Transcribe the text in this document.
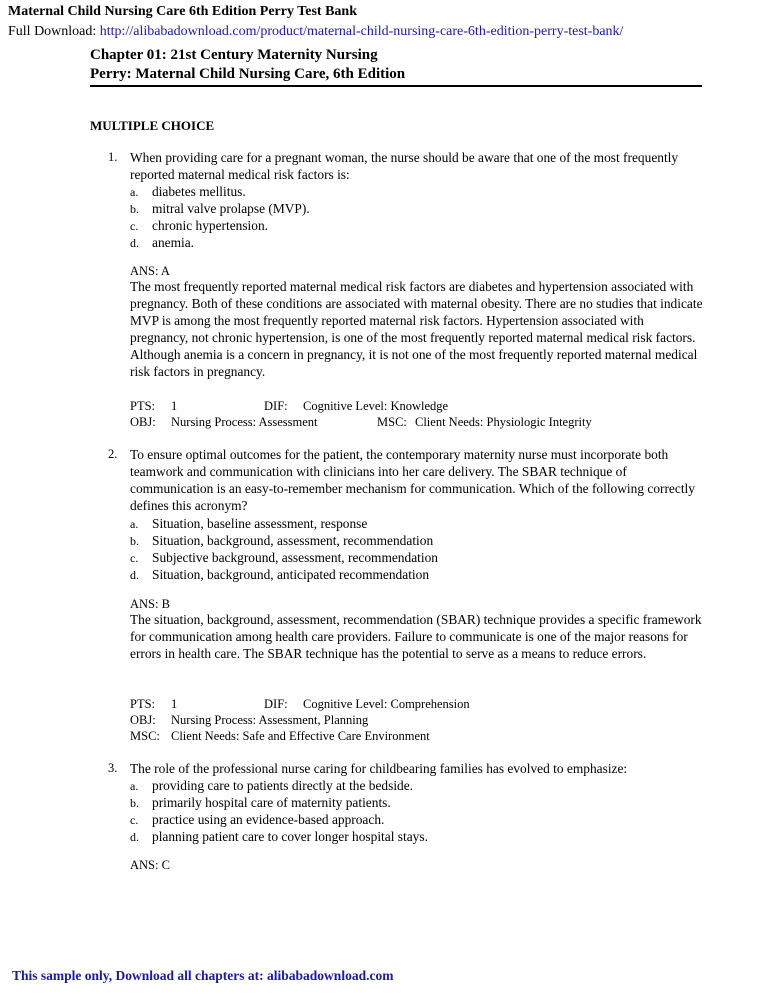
Maternal Child Nursing Care 6th Edition Perry Test Bank
Full Download: http://alibabadownload.com/product/maternal-child-nursing-care-6th-edition-perry-test-bank/
Chapter 01: 21st Century Maternity Nursing
Perry: Maternal Child Nursing Care, 6th Edition
MULTIPLE CHOICE
1. When providing care for a pregnant woman, the nurse should be aware that one of the most frequently reported maternal medical risk factors is:
a. diabetes mellitus.
b. mitral valve prolapse (MVP).
c. chronic hypertension.
d. anemia.
ANS: A
The most frequently reported maternal medical risk factors are diabetes and hypertension associated with pregnancy. Both of these conditions are associated with maternal obesity. There are no studies that indicate MVP is among the most frequently reported maternal risk factors. Hypertension associated with pregnancy, not chronic hypertension, is one of the most frequently reported maternal medical risk factors. Although anemia is a concern in pregnancy, it is not one of the most frequently reported maternal medical risk factors in pregnancy.
PTS: 1	DIF: Cognitive Level: Knowledge
OBJ: Nursing Process: Assessment	MSC: Client Needs: Physiologic Integrity
2. To ensure optimal outcomes for the patient, the contemporary maternity nurse must incorporate both teamwork and communication with clinicians into her care delivery. The SBAR technique of communication is an easy-to-remember mechanism for communication. Which of the following correctly defines this acronym?
a. Situation, baseline assessment, response
b. Situation, background, assessment, recommendation
c. Subjective background, assessment, recommendation
d. Situation, background, anticipated recommendation
ANS: B
The situation, background, assessment, recommendation (SBAR) technique provides a specific framework for communication among health care providers. Failure to communicate is one of the major reasons for errors in health care. The SBAR technique has the potential to serve as a means to reduce errors.
PTS: 1	DIF: Cognitive Level: Comprehension
OBJ: Nursing Process: Assessment, Planning
MSC: Client Needs: Safe and Effective Care Environment
3. The role of the professional nurse caring for childbearing families has evolved to emphasize:
a. providing care to patients directly at the bedside.
b. primarily hospital care of maternity patients.
c. practice using an evidence-based approach.
d. planning patient care to cover longer hospital stays.
ANS: C
This sample only, Download all chapters at: alibabadownload.com
